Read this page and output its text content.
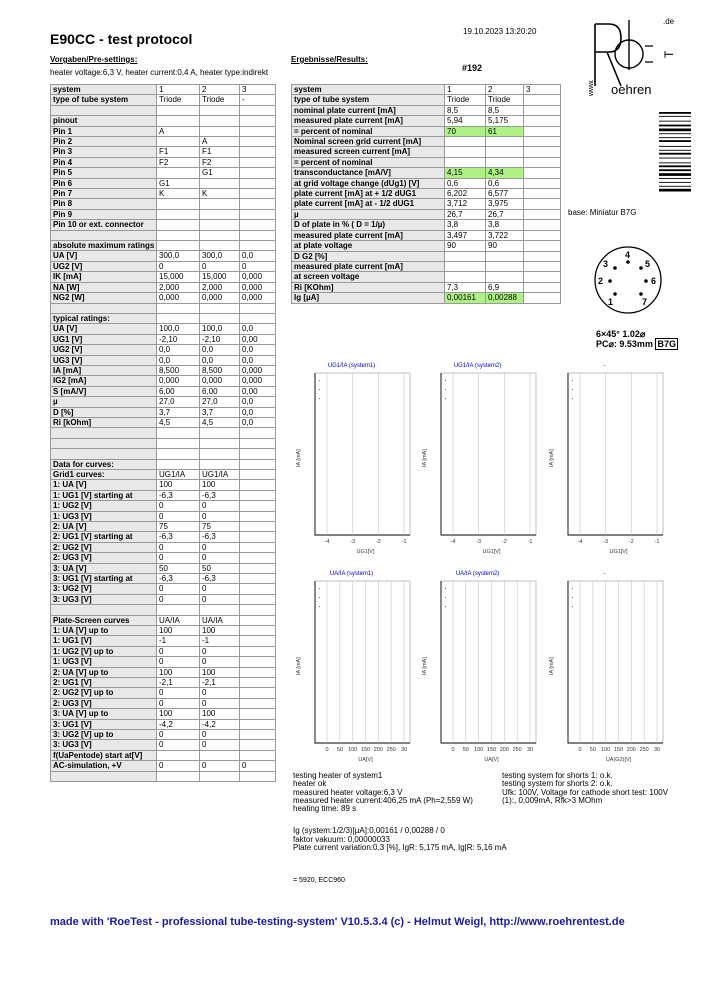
19.10.2023 13:20:20
E90CC - test protocol
Vorgaben/Pre-settings:	Ergebnisse/Results:
heater voltage:6,3 V, heater current:0,4 A, heater type:indirekt	#192
.de
T
oehren
www.
system	1	2	3
type of tube system	Triode	Triode	-

pinout			
Pin 1	A		
Pin 2		A	
Pin 3	F1	F1	
Pin 4	F2	F2	
Pin 5		G1	
Pin 6	G1		
Pin 7	K	K	
Pin 8			
Pin 9			
Pin 10 or ext. connector			

absolute maximum ratings			
UA [V]	300,0	300,0	0,0
UG2 [V]	0	0	0
IK [mA]	15,000	15,000	0,000
NA [W]	2,000	2,000	0,000
NG2 [W]	0,000	0,000	0,000

typical ratings:			
UA [V]	100,0	100,0	0,0
UG1 [V]	-2,10	-2,10	0,00
UG2 [V]	0,0	0,0	0,0
UG3 [V]	0,0	0,0	0,0
IA [mA]	8,500	8,500	0,000
IG2 [mA]	0,000	0,000	0,000
S [mA/V]	6,00	6,00	0,00
µ	27,0	27,0	0,0
D [%]	3,7	3,7	0,0
Ri [kOhm]	4,5	4,5	0,0

Data for curves:			
Grid1 curves:	UG1/IA	UG1/IA	
1: UA [V]	100	100	
1: UG1 [V] starting at	-6,3	-6,3	
1: UG2 [V]	0	0	
1: UG3 [V]	0	0	
2: UA [V]	75	75	
2: UG1 [V] starting at	-6,3	-6,3	
2: UG2 [V]	0	0	
2: UG3 [V]	0	0	
3: UA [V]	50	50	
3: UG1 [V] starting at	-6,3	-6,3	
3: UG2 [V]	0	0	
3: UG3 [V]	0	0	

Plate-Screen curves	UA/IA	UA/IA	
1: UA [V] up to	100	100	
1: UG1 [V]	-1	-1	
1: UG2 [V] up to	0	0	
1: UG3 [V]	0	0	
2: UA [V] up to	100	100	
2: UG1 [V]	-2,1	-2,1	
2: UG2 [V] up to	0	0	
2: UG3 [V]	0	0	
3: UA [V] up to	100	100	
3: UG1 [V]	-4,2	-4,2	
3: UG2 [V] up to	0	0	
3: UG3 [V]	0	0	
f(UaPentode) start at[V]			
AC-simulation, +V	0	0	0

system	1	2	3
type of tube system	Triode	Triode	
nominal plate current [mA]	8,5	8,5	
measured plate current [mA]	5,94	5,175	
= percent of nominal	70	61	
Nominal screen grid current [mA]			
measured screen current [mA]			
= percent of nominal			
transconductance [mA/V]	4,15	4,34	
at grid voltage change (dUg1) [V]	0,6	0,6	
plate current [mA] at + 1/2 dUG1	6,202	6,577	
plate current [mA] at - 1/2 dUG1	3,712	3,975	
µ	26,7	26,7	
D of plate in % ( D = 1/µ)	3,8	3,8	
measured plate current [mA]	3,497	3,722	
at plate voltage	90	90	
D G2 [%]			
measured plate current [mA]			
at screen voltage			
Ri [KOhm]	7,3	6,9	
Ig [µA]	0,00161	0,00288	
base: Miniatur B7G
4
3	5
2	6
1	7
6×45° 1.02⌀
PC⌀: 9.53mm B7G
-4	-3	-2	-1
UG1/IA (system1)
UG1[V]
IA [mA]
-4	-3	-2	-1
UG1/IA (system2)
UG1[V]
IA [mA]
-4	-3	-2	-1
-
UG1[V]
IA [mA]
0 50 100 150 200 250 30
UA/IA (system1)
UA[V]
IA [mA]
0 50 100 150 200 250 30
UA/IA (system2)
UA[V]
IA [mA]
0 50 100 150 200 250 30
-
UA(G2)[V]
IA [mA]
testing heater of system1
heater ok
measured heater voltage:6,3 V
measured heater current:406,25 mA (Ph=2,559 W)
heating time: 89 s
testing system for shorts 1: o.k.
testing system for shorts 2: o.k.
Ufk: 100V, Voltage for cathode short test: 100V
(1):, 0,009mA, Rfk>3 MOhm
Ig (system:1/2/3)[µA]:0,00161 / 0,00288 / 0
faktor vakuum: 0,00000033
Plate current variation:0,3 [%], IgR: 5,175 mA, Ig|R: 5,16 mA
= 5920, ECC960
made with 'RoeTest - professional tube-testing-system' V10.5.3.4 (c) - Helmut Weigl, http://www.roehrentest.de
